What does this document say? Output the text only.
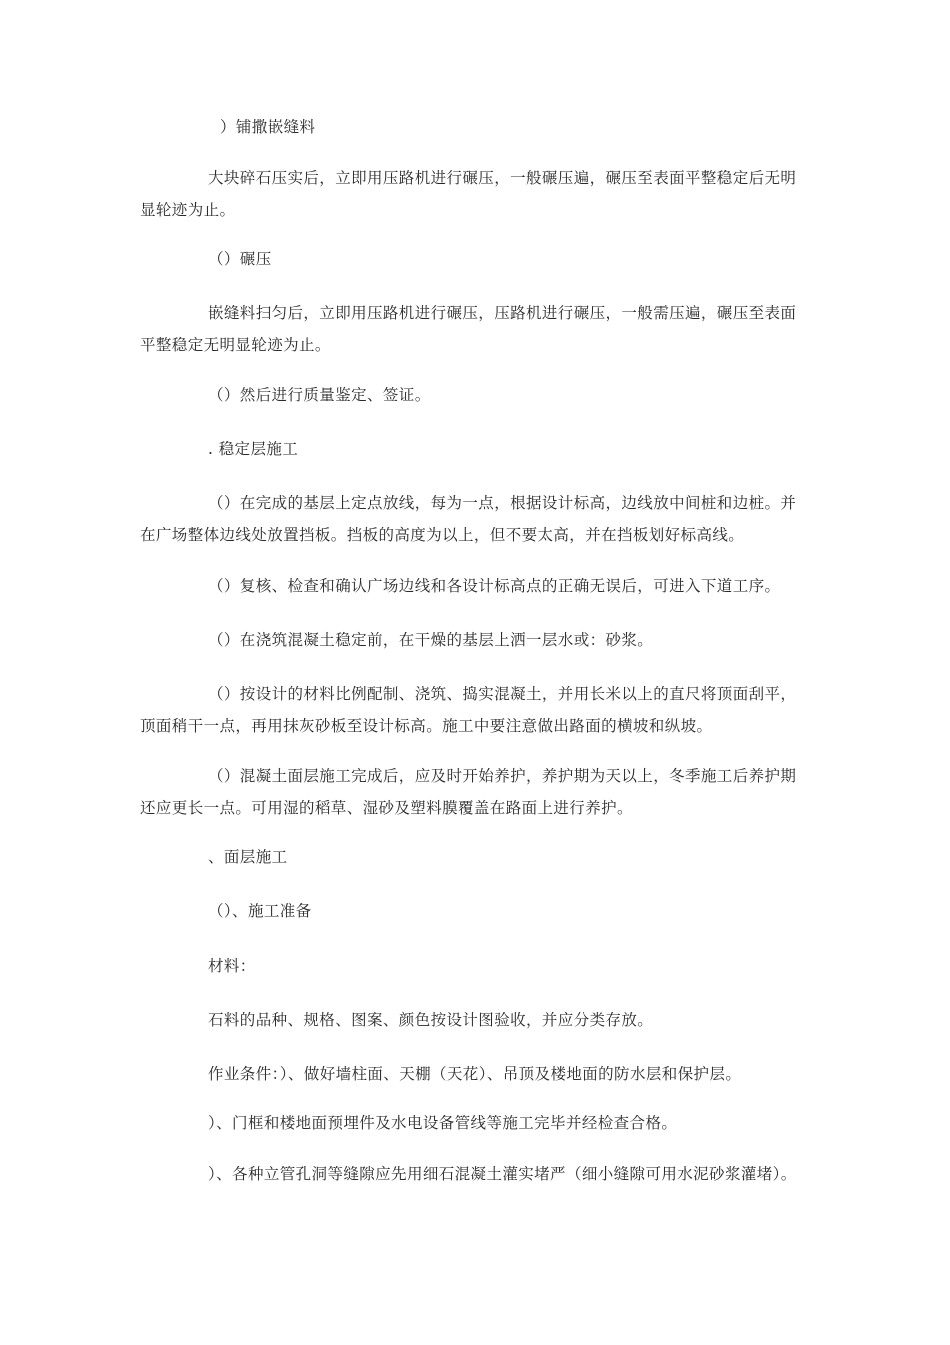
）铺撒嵌缝料

大块碎石压实后，立即用压路机进行碾压，一般碾压遍，碾压至表面平整稳定后无明显轮迹为止。

（）碾压

嵌缝料扫匀后，立即用压路机进行碾压，压路机进行碾压，一般需压遍，碾压至表面平整稳定无明显轮迹为止。

（）然后进行质量鉴定、签证。

. 稳定层施工

（）在完成的基层上定点放线，每为一点，根据设计标高，边线放中间桩和边桩。并在广场整体边线处放置挡板。挡板的高度为以上，但不要太高，并在挡板划好标高线。

（）复核、检查和确认广场边线和各设计标高点的正确无误后，可进入下道工序。

（）在浇筑混凝土稳定前，在干燥的基层上洒一层水或：砂浆。

（）按设计的材料比例配制、浇筑、捣实混凝土，并用长米以上的直尺将顶面刮平，顶面稍干一点，再用抹灰砂板至设计标高。施工中要注意做出路面的横坡和纵坡。

（）混凝土面层施工完成后，应及时开始养护，养护期为天以上，冬季施工后养护期还应更长一点。可用湿的稻草、湿砂及塑料膜覆盖在路面上进行养护。

、面层施工

（）、施工准备

材料：

石料的品种、规格、图案、颜色按设计图验收，并应分类存放。

作业条件：）、做好墙柱面、天棚（天花）、吊顶及楼地面的防水层和保护层。

）、门框和楼地面预埋件及水电设备管线等施工完毕并经检查合格。

）、各种立管孔洞等缝隙应先用细石混凝土灌实堵严（细小缝隙可用水泥砂浆灌堵）。
